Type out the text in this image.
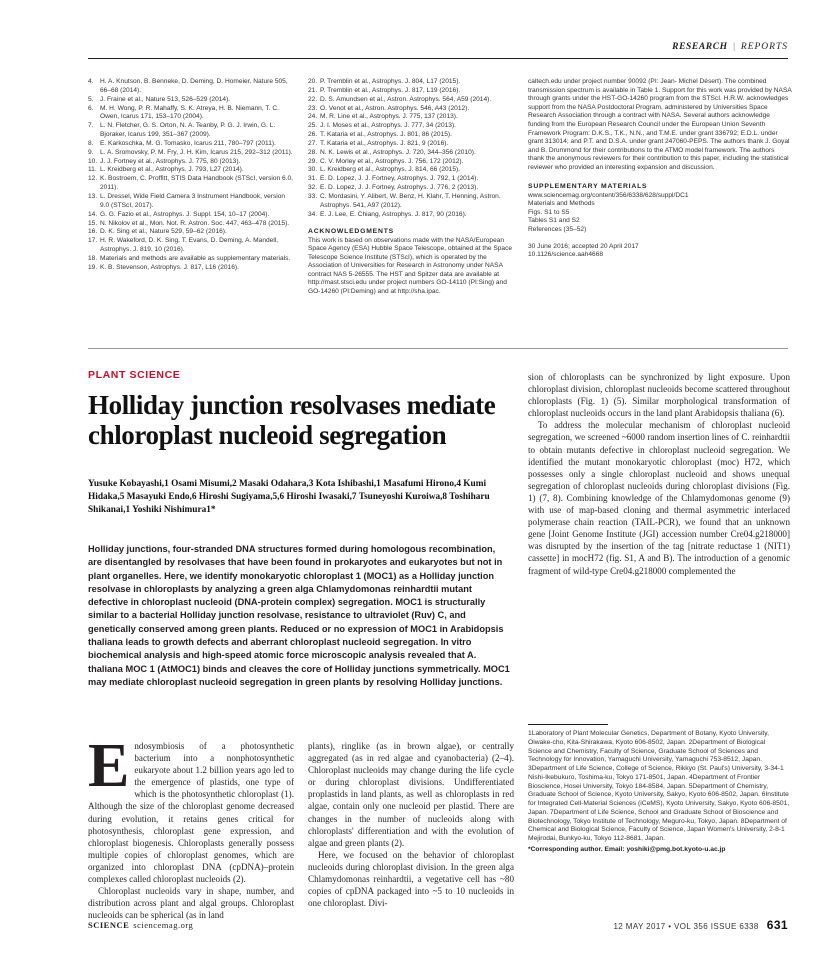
RESEARCH | REPORTS
4. H. A. Knutson, B. Benneke, D. Deming, D. Homeier, Nature 505, 66–68 (2014).
5. J. Fraine et al., Nature 513, 526–529 (2014).
6. M. H. Wong, P. R. Mahaffy, S. K. Atreya, H. B. Niemann, T. C. Owen, Icarus 171, 153–170 (2004).
7. L. N. Fletcher, G. S. Orton, N. A. Teanby, P. G. J. Irwin, G. L. Bjoraker, Icarus 199, 351–367 (2009).
8. E. Karkoschka, M. G. Tomasko, Icarus 211, 780–797 (2011).
9. L. A. Sromovsky, P. M. Fry, J. H. Kim, Icarus 215, 292–312 (2011).
10. J. J. Fortney et al., Astrophys. J. 775, 80 (2013).
11. L. Kreidberg et al., Astrophys. J. 793, L27 (2014).
12. K. Bostroem, C. Proffitt, STIS Data Handbook (STScI, version 6.0, 2011).
13. L. Dressel, Wide Field Camera 3 Instrument Handbook, version 9.0 (STScI, 2017).
14. G. G. Fazio et al., Astrophys. J. Suppl. 154, 10–17 (2004).
15. N. Nikolov et al., Mon. Not. R. Astron. Soc. 447, 463–478 (2015).
16. D. K. Sing et al., Nature 529, 59–62 (2016).
17. H. R. Wakeford, D. K. Sing, T. Evans, D. Deming, A. Mandell, Astrophys. J. 819, 10 (2016).
18. Materials and methods are available as supplementary materials.
19. K. B. Stevenson, Astrophys. J. 817, L16 (2016).
20. P. Tremblin et al., Astrophys. J. 804, L17 (2015).
21. P. Tremblin et al., Astrophys. J. 817, L19 (2016).
22. D. S. Amundsen et al., Astron. Astrophys. 564, A59 (2014).
23. O. Venot et al., Astron. Astrophys. 546, A43 (2012).
24. M. R. Line et al., Astrophys. J. 775, 137 (2013).
25. J. I. Moses et al., Astrophys. J. 777, 34 (2013).
26. T. Kataria et al., Astrophys. J. 801, 86 (2015).
27. T. Kataria et al., Astrophys. J. 821, 9 (2016).
28. N. K. Lewis et al., Astrophys. J. 720, 344–356 (2010).
29. C. V. Morley et al., Astrophys. J. 756, 172 (2012).
30. L. Kreidberg et al., Astrophys. J. 814, 66 (2015).
31. E. D. Lopez, J. J. Fortney, Astrophys. J. 792, 1 (2014).
32. E. D. Lopez, J. J. Fortney, Astrophys. J. 776, 2 (2013).
33. C. Mordasini, Y. Alibert, W. Benz, H. Klahr, T. Henning, Astron. Astrophys. 541, A97 (2012).
34. E. J. Lee, E. Chiang, Astrophys. J. 817, 90 (2016).
ACKNOWLEDGMENTS
This work is based on observations made with the NASA/European Space Agency (ESA) Hubble Space Telescope, obtained at the Space Telescope Science Institute (STScI), which is operated by the Association of Universities for Research in Astronomy under NASA contract NAS 5-26555. The HST and Spitzer data are available at http://mast.stsci.edu under project numbers GO-14110 (PI:Sing) and GO-14260 (PI:Deming) and at http://sha.ipac.
caltech.edu under project number 90092 (PI: Jean- Michel Désert). The combined transmission spectrum is available in Table 1. Support for this work was provided by NASA through grants under the HST-GO-14260 program from the STScI. H.R.W. acknowledges support from the NASA Postdoctoral Program, administered by Universities Space Research Association through a contract with NASA. Several authors acknowledge funding from the European Research Council under the European Union Seventh Framework Program: D.K.S., T.K., N.N., and T.M.E. under grant 336792; E.D.L. under grant 313014; and P.T. and D.S.A. under grant 247060-PEPS. The authors thank J. Goyal and B. Drummond for their contributions to the ATMO model framework. The authors thank the anonymous reviewers for their contribution to this paper, including the statistical reviewer who provided an interesting expansion and discussion.
SUPPLEMENTARY MATERIALS
www.sciencemag.org/content/356/6338/628/suppl/DC1
Materials and Methods
Figs. S1 to S5
Tables S1 and S2
References (35–52)
30 June 2016; accepted 20 April 2017
10.1126/science.aah4668
PLANT SCIENCE
Holliday junction resolvases mediate chloroplast nucleoid segregation
Yusuke Kobayashi,1 Osami Misumi,2 Masaki Odahara,3 Kota Ishibashi,1 Masafumi Hirono,4 Kumi Hidaka,5 Masayuki Endo,6 Hiroshi Sugiyama,5,6 Hiroshi Iwasaki,7 Tsuneyoshi Kuroiwa,8 Toshiharu Shikanai,1 Yoshiki Nishimura1*
Holliday junctions, four-stranded DNA structures formed during homologous recombination, are disentangled by resolvases that have been found in prokaryotes and eukaryotes but not in plant organelles. Here, we identify monokaryotic chloroplast 1 (MOC1) as a Holliday junction resolvase in chloroplasts by analyzing a green alga Chlamydomonas reinhardtii mutant defective in chloroplast nucleoid (DNA-protein complex) segregation. MOC1 is structurally similar to a bacterial Holliday junction resolvase, resistance to ultraviolet (Ruv) C, and genetically conserved among green plants. Reduced or no expression of MOC1 in Arabidopsis thaliana leads to growth defects and aberrant chloroplast nucleoid segregation. In vitro biochemical analysis and high-speed atomic force microscopic analysis revealed that A. thaliana MOC 1 (AtMOC1) binds and cleaves the core of Holliday junctions symmetrically. MOC1 may mediate chloroplast nucleoid segregation in green plants by resolving Holliday junctions.

Endosymbiosis of a photosynthetic bacterium into a nonphotosynthetic eukaryote about 1.2 billion years ago led to the emergence of plastids, one type of which is the photosynthetic chloroplast (1). Although the size of the chloroplast genome decreased during evolution, it retains genes critical for photosynthesis, chloroplast gene expression, and chloroplast biogenesis. Chloroplasts generally possess multiple copies of chloroplast genomes, which are organized into chloroplast DNA (cpDNA)–protein complexes called chloroplast nucleoids (2).

Chloroplast nucleoids vary in shape, number, and distribution across plant and algal groups. Chloroplast nucleoids can be spherical (as in land

plants), ringlike (as in brown algae), or centrally aggregated (as in red algae and cyanobacteria) (2–4). Chloroplast nucleoids may change during the life cycle or during chloroplast divisions. Undifferentiated proplastids in land plants, as well as chloroplasts in red algae, contain only one nucleoid per plastid. There are changes in the number of nucleoids along with chloroplasts' differentiation and with the evolution of algae and green plants (2).

Here, we focused on the behavior of chloroplast nucleoids during chloroplast division. In the green alga Chlamydomonas reinhardtii, a vegetative cell has ~80 copies of cpDNA packaged into ~5 to 10 nucleoids in one chloroplast. Divi-

sion of chloroplasts can be synchronized by light exposure. Upon chloroplast division, chloroplast nucleoids become scattered throughout chloroplasts (Fig. 1) (5). Similar morphological transformation of chloroplast nucleoids occurs in the land plant Arabidopsis thaliana (6).

To address the molecular mechanism of chloroplast nucleoid segregation, we screened ~6000 random insertion lines of C. reinhardtii to obtain mutants defective in chloroplast nucleoid segregation. We identified the mutant monokaryotic chloroplast (moc) H72, which possesses only a single chloroplast nucleoid and shows unequal segregation of chloroplast nucleoids during chloroplast divisions (Fig. 1) (7, 8). Combining knowledge of the Chlamydomonas genome (9) with use of map-based cloning and thermal asymmetric interlaced polymerase chain reaction (TAIL-PCR), we found that an unknown gene [Joint Genome Institute (JGI) accession number Cre04.g218000] was disrupted by the insertion of the tag [nitrate reductase 1 (NIT1) cassette] in mocH72 (fig. S1, A and B). The introduction of a genomic fragment of wild-type Cre04.g218000 complemented the

1Laboratory of Plant Molecular Genetics, Department of Botany, Kyoto University, Oiwake-cho, Kita-Shirakawa, Kyoto 606-8502, Japan. 2Department of Biological Science and Chemistry, Faculty of Science, Graduate School of Sciences and Technology for Innovation, Yamaguchi University, Yamaguchi 753-8512, Japan. 3Department of Life Science, College of Science, Rikkyo (St. Paul's) University, 3-34-1 Nishi-Ikebukuro, Toshima-ku, Tokyo 171-8501, Japan. 4Department of Frontier Bioscience, Hosei University, Tokyo 184-8584, Japan. 5Department of Chemistry, Graduate School of Science, Kyoto University, Sakyo, Kyoto 606-8502, Japan. 6Institute for Integrated Cell-Material Sciences (iCeMS), Kyoto University, Sakyo, Kyoto 606-8501, Japan. 7Department of Life Science, School and Graduate School of Bioscience and Biotechnology, Tokyo Institute of Technology, Meguro-ku, Tokyo, Japan. 8Department of Chemical and Biological Science, Faculty of Science, Japan Women's University, 2-8-1 Mejirodai, Bunkyo-ku, Tokyo 112-8681, Japan.
*Corresponding author. Email: yoshiki@pmg.bot.kyoto-u.ac.jp
SCIENCE sciencemag.org	12 MAY 2017 • VOL 356 ISSUE 6338 631
